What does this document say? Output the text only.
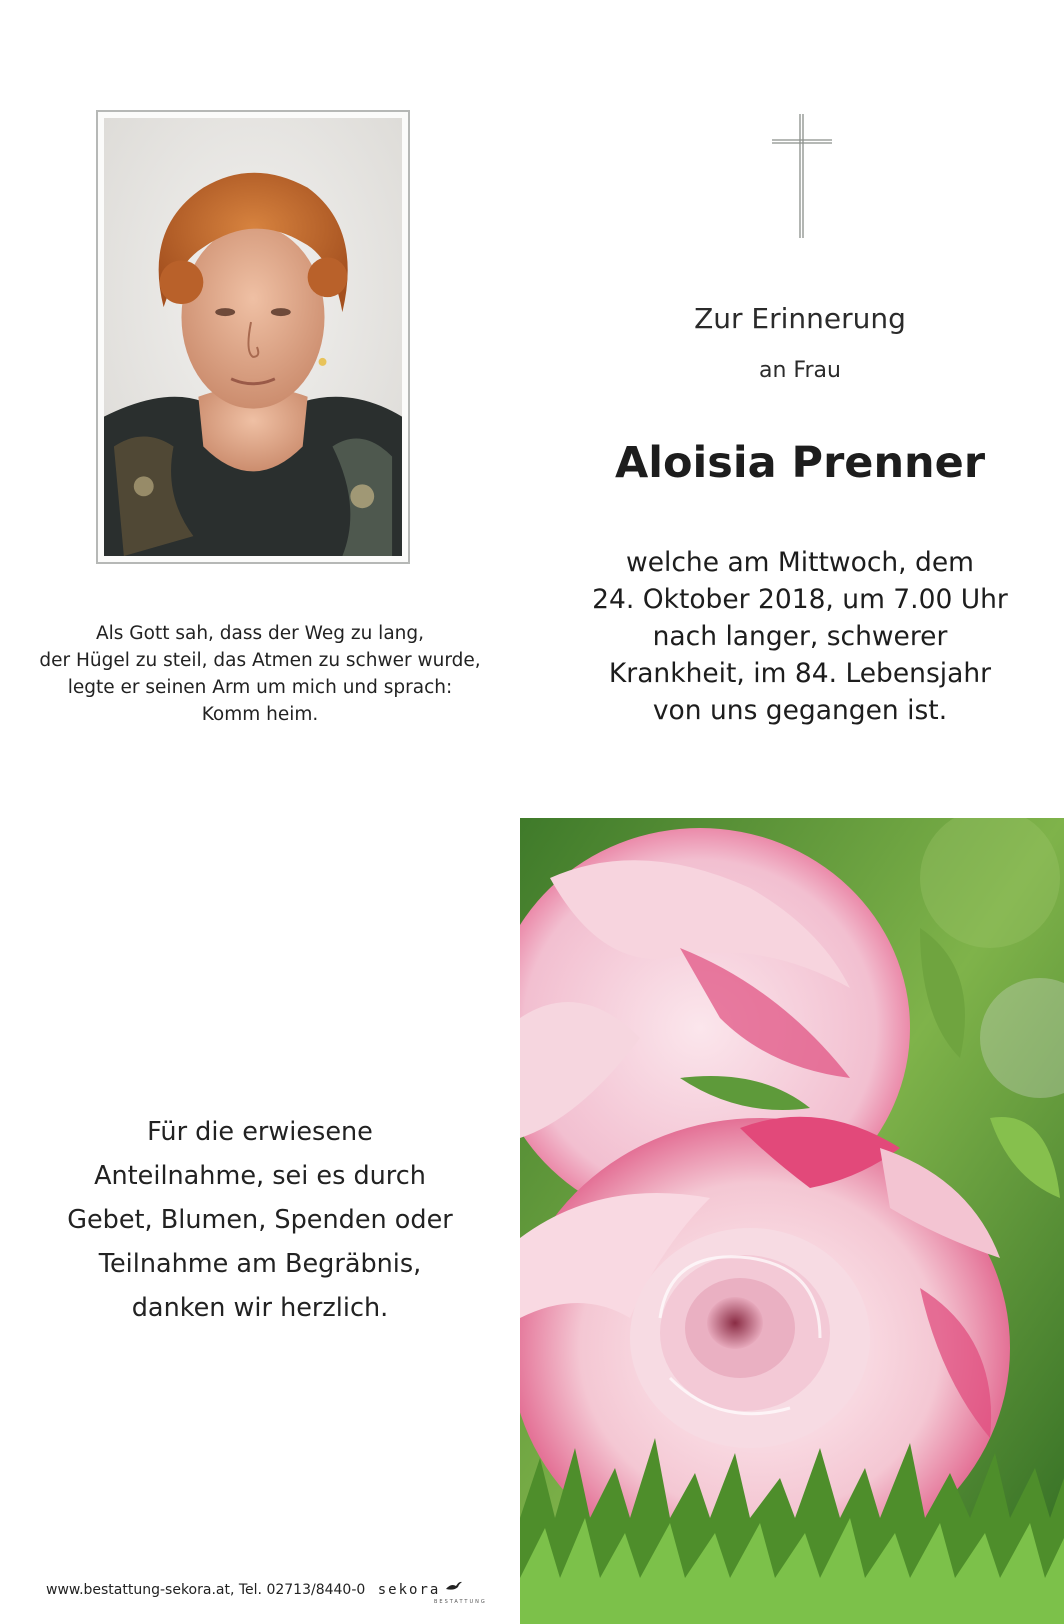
Als Gott sah, dass der Weg zu lang,
der Hügel zu steil, das Atmen zu schwer wurde,
legte er seinen Arm um mich und sprach:
Komm heim.
Zur Erinnerung
an Frau
Aloisia Prenner
welche am Mittwoch, dem
24. Oktober 2018, um 7.00 Uhr
nach langer, schwerer
Krankheit, im 84. Lebensjahr
von uns gegangen ist.
Für die erwiesene
Anteilnahme, sei es durch
Gebet, Blumen, Spenden oder
Teilnahme am Begräbnis,
danken wir herzlich.
www.bestattung-sekora.at, Tel. 02713/8440-0 sekora
BESTATTUNG
